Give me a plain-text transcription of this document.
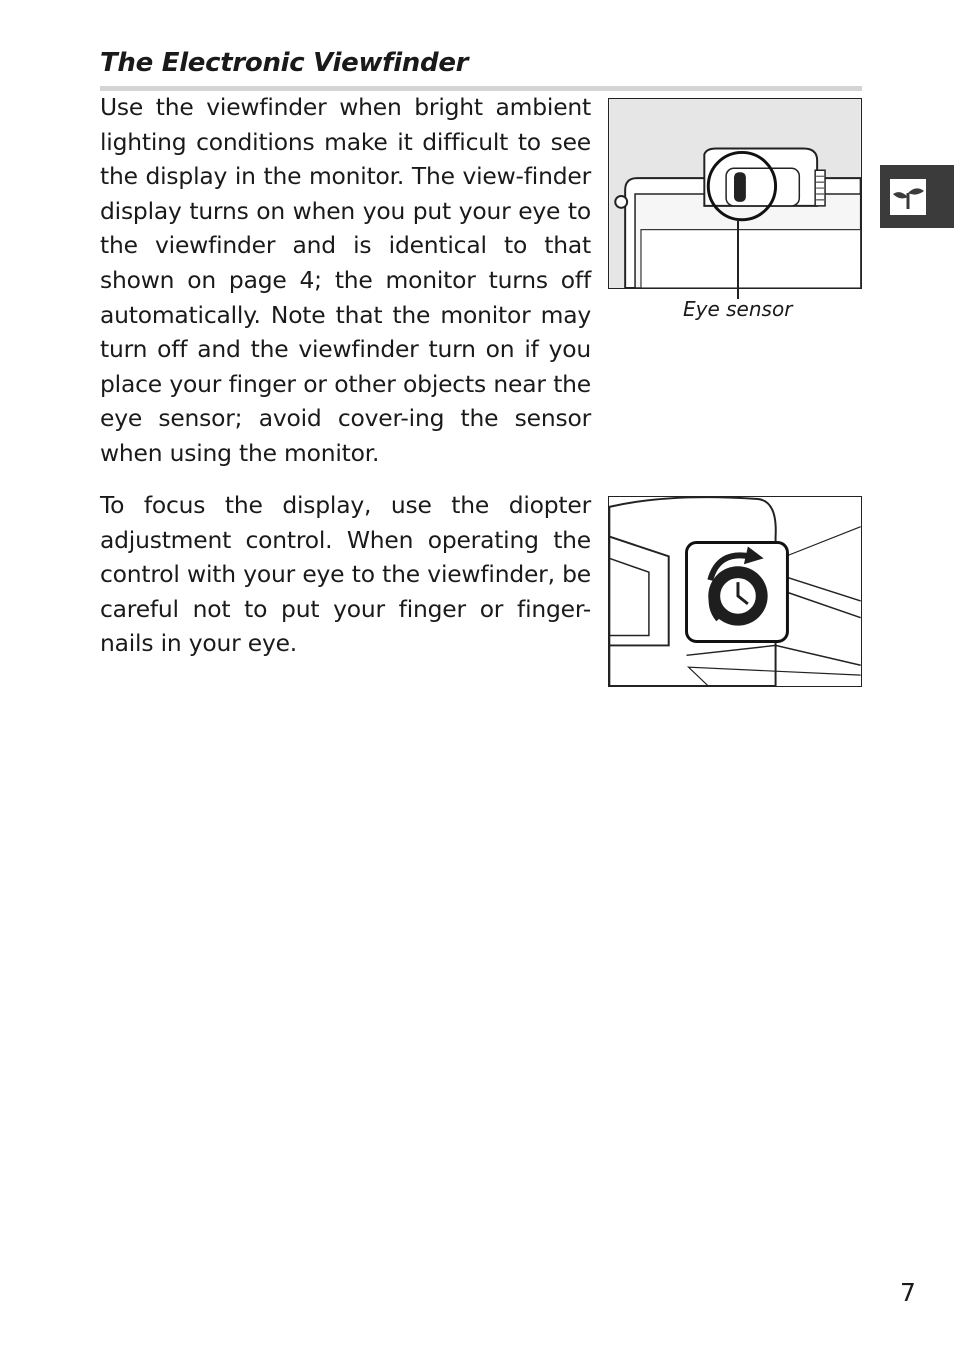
The Electronic Viewfinder

Use the viewfinder when bright ambient lighting conditions make it difficult to see the display in the monitor. The view-finder display turns on when you put your eye to the viewfinder and is identical to that shown on page 4; the monitor turns off automatically. Note that the monitor may turn off and the viewfinder turn on if you place your finger or other objects near the eye sensor; avoid cover-ing the sensor when using the monitor.

To focus the display, use the diopter adjustment control. When operating the control with your eye to the viewfinder, be careful not to put your finger or finger-nails in your eye.

Eye sensor

7
